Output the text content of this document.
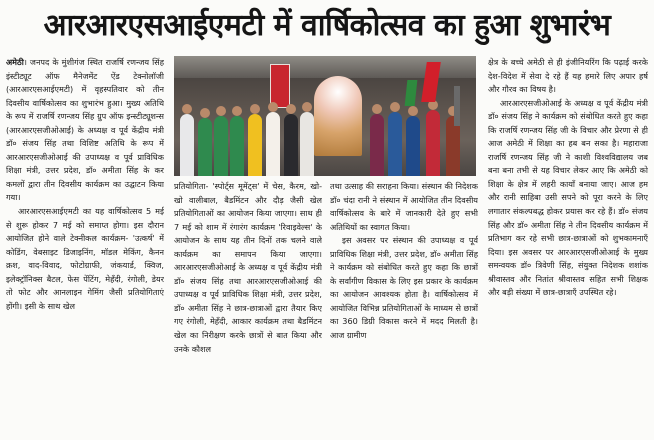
आरआरएसआईएमटी में वार्षिकोत्सव का हुआ शुभारंभ

अमेठी। जनपद के मुंशीगंज स्थित राजर्षि रणन्जय सिंह इंस्टीट्यूट ऑफ मैनेजमेंट ऐंड टेक्नोलॉजी (आरआरएसआईएमटी) में वृहस्पतिवार को तीन दिवसीय वार्षिकोत्सव का शुभारंभ हुआ। मुख्य अतिथि के रूप में राजर्षि रणन्जय सिंह ग्रुप ऑफ इन्स्टीट्यूशन्स (आरआरएसजीओआई) के अध्यक्ष व पूर्व केंद्रीय मंत्री डॉ० संजय सिंह तथा विशिष्ट अतिथि के रूप में आरआरएसजीओआई की उपाध्यक्ष व पूर्व प्राविधिक शिक्षा मंत्री, उत्तर प्रदेश, डॉ० अमीता सिंह के कर कमलों द्वारा तीन दिवसीय कार्यक्रम का उद्घाटन किया गया।

आरआरएसआईएमटी का यह वार्षिकोत्सव 5 मई से शुरू होकर 7 मई को समाप्त होगा। इस दौरान आयोजित होने वाले टेक्नीकल कार्यक्रम- 'उत्कर्ष' में कोडिंग, वेबसाइट डिजाइनिंग, मॉडल मेकिंग, कैनन क्रश, वाद-विवाद, फोटोग्राफी, जंकयार्ड, क्विज, इलेक्ट्रॉनिक्स बैटल, फेस पेंटिंग, मेहँदी, रंगोली, डेयर तो फोट और आनलाइन गेमिंग जैसी प्रतियोगिताएं होंगी। इसी के साथ खेल

प्रतियोगिता- 'स्पोर्ट्स मूमेंट्स' में चेस, कैरम, खो-खो वालीबाल, बैडमिंटन और दौड़ जैसी खेल प्रतियोगिताओं का आयोजन किया जाएगा। साथ ही 7 मई को शाम में रंगारंग कार्यक्रम 'रिवाइवेल्स' के आयोजन के साथ यह तीन दिनों तक चलने वाले कार्यक्रम का समापन किया जाएगा। आरआरएसजीओआई के अध्यक्ष व पूर्व केंद्रीय मंत्री डॉ० संजय सिंह तथा आरआरएसजीओआई की उपाध्यक्ष व पूर्व प्राविधिक शिक्षा मंत्री, उत्तर प्रदेश, डॉ० अमीता सिंह ने छात्र-छात्राओं द्वारा तैयार किए गए रंगोली, मेहँदी, आकार कार्यक्रम तथा बैडमिंटन खेल का निरीक्षण करके छात्रों से बात किया और उनके कौशल

तथा उत्साह की सराहना किया। संस्थान की निदेशक डॉ० चंदा रानी ने संस्थान में आयोजित तीन दिवसीय वार्षिकोत्सव के बारे में जानकारी देते हुए सभी अतिथियों का स्वागत किया।

इस अवसर पर संस्थान की उपाध्यक्ष व पूर्व प्राविधिक शिक्षा मंत्री, उत्तर प्रदेश, डॉ० अमीता सिंह ने कार्यक्रम को संबोधित करते हुए कहा कि छात्रों के सर्वांगीण विकास के लिए इस प्रकार के कार्यक्रम का आयोजन आवश्यक होता है। वार्षिकोत्सव में आयोजित विभिन्न प्रतियोगिताओं के माध्यम से छात्रों का 360 डिग्री विकास करने में मदद मिलती है। आज ग्रामीण

क्षेत्र के बच्चे अमेठी से ही इंजीनियरिंग कि पढ़ाई करके देश-विदेश में सेवा दे रहे हैं यह हमारे लिए अपार हर्ष और गौरव का विषय है।

आरआरएसजीओआई के अध्यक्ष व पूर्व केंद्रीय मंत्री डॉ० संजय सिंह ने कार्यक्रम को संबोधित करते हुए कहा कि राजर्षि रणन्जय सिंह जी के विचार और प्रेरणा से ही आज अमेठी में शिक्षा का हब बन सका है। महाराजा राजर्षि रणन्जय सिंह जी ने काशी विश्वविद्यालय जब बना बना तभी से यह विचार लेकर आए कि अमेठी को शिक्षा के क्षेत्र में लहरी कायाँ बनाया जाए। आज हम और रानी साहिबा उसी सपने को पूरा करने के लिए लगातार संकल्पबद्ध होकर प्रयास कर रहे हैं। डॉ० संजय सिंह और डॉ० अमीता सिंह ने तीन दिवसीय कार्यक्रम में प्रतिभाग कर रहे सभी छात्र-छात्राओं को शुभकामनाएँ दिया। इस अवसर पर आरआरएसजीओआई के मुख्य समन्वयक डॉ० त्रिवेणी सिंह, संयुक्त निदेशक शशांक श्रीवास्तव और नितांत श्रीवास्तव सहित सभी शिक्षक और बड़ी संख्या में छात्र-छात्राएँ उपस्थित रहे।
